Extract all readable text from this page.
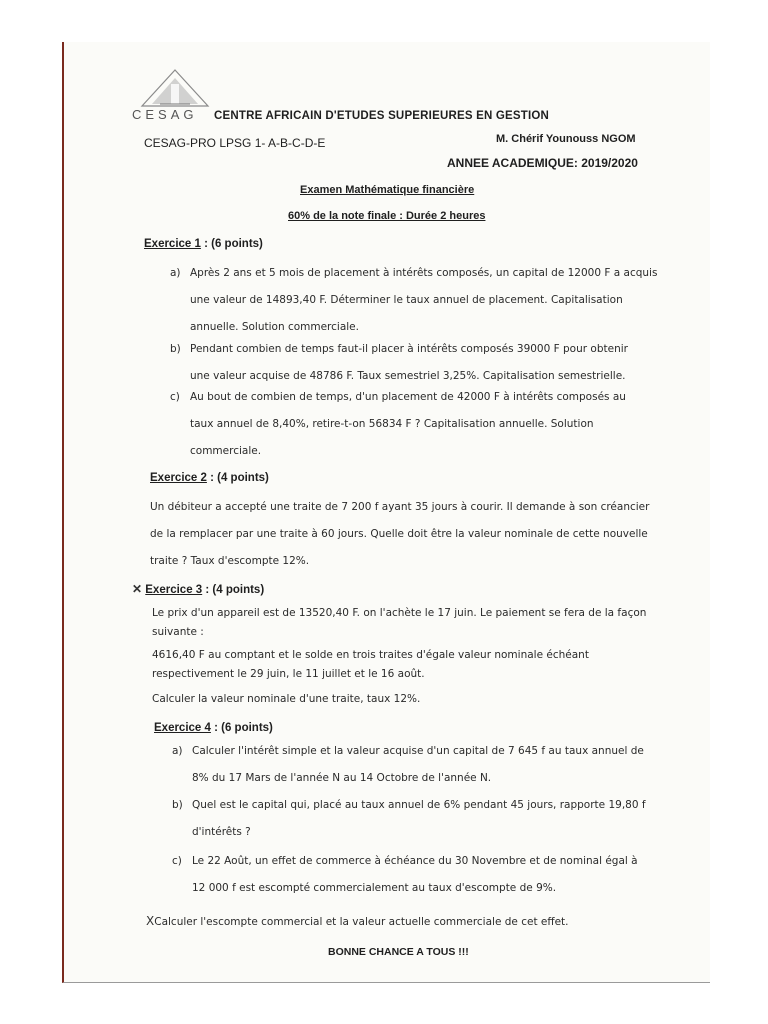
CESAG CENTRE AFRICAIN D'ETUDES SUPERIEURES EN GESTION
CESAG-PRO LPSG 1- A-B-C-D-E	M. Chérif Younouss NGOM
ANNEE ACADEMIQUE: 2019/2020
Examen Mathématique financière
60% de la note finale : Durée 2 heures
Exercice 1 : (6 points)
a) Après 2 ans et 5 mois de placement à intérêts composés, un capital de 12000 F a acquis
une valeur de 14893,40 F. Déterminer le taux annuel de placement. Capitalisation
annuelle. Solution commerciale.
b) Pendant combien de temps faut-il placer à intérêts composés 39000 F pour obtenir
une valeur acquise de 48786 F. Taux semestriel 3,25%. Capitalisation semestrielle.
c) Au bout de combien de temps, d'un placement de 42000 F à intérêts composés au
taux annuel de 8,40%, retire-t-on 56834 F ? Capitalisation annuelle. Solution
commerciale.
Exercice 2 : (4 points)
Un débiteur a accepté une traite de 7 200 f ayant 35 jours à courir. Il demande à son créancier
de la remplacer par une traite à 60 jours. Quelle doit être la valeur nominale de cette nouvelle
traite ? Taux d'escompte 12%.
✕ Exercice 3 : (4 points)
Le prix d'un appareil est de 13520,40 F. on l'achète le 17 juin. Le paiement se fera de la façon
suivante :
4616,40 F au comptant et le solde en trois traites d'égale valeur nominale échéant
respectivement le 29 juin, le 11 juillet et le 16 août.
Calculer la valeur nominale d'une traite, taux 12%.
Exercice 4 : (6 points)
a) Calculer l'intérêt simple et la valeur acquise d'un capital de 7 645 f au taux annuel de
8% du 17 Mars de l'année N au 14 Octobre de l'année N.
b) Quel est le capital qui, placé au taux annuel de 6% pendant 45 jours, rapporte 19,80 f
d'intérêts ?
c) Le 22 Août, un effet de commerce à échéance du 30 Novembre et de nominal égal à
12 000 f est escompté commercialement au taux d'escompte de 9%.
XCalculer l'escompte commercial et la valeur actuelle commerciale de cet effet.
BONNE CHANCE A TOUS !!!
